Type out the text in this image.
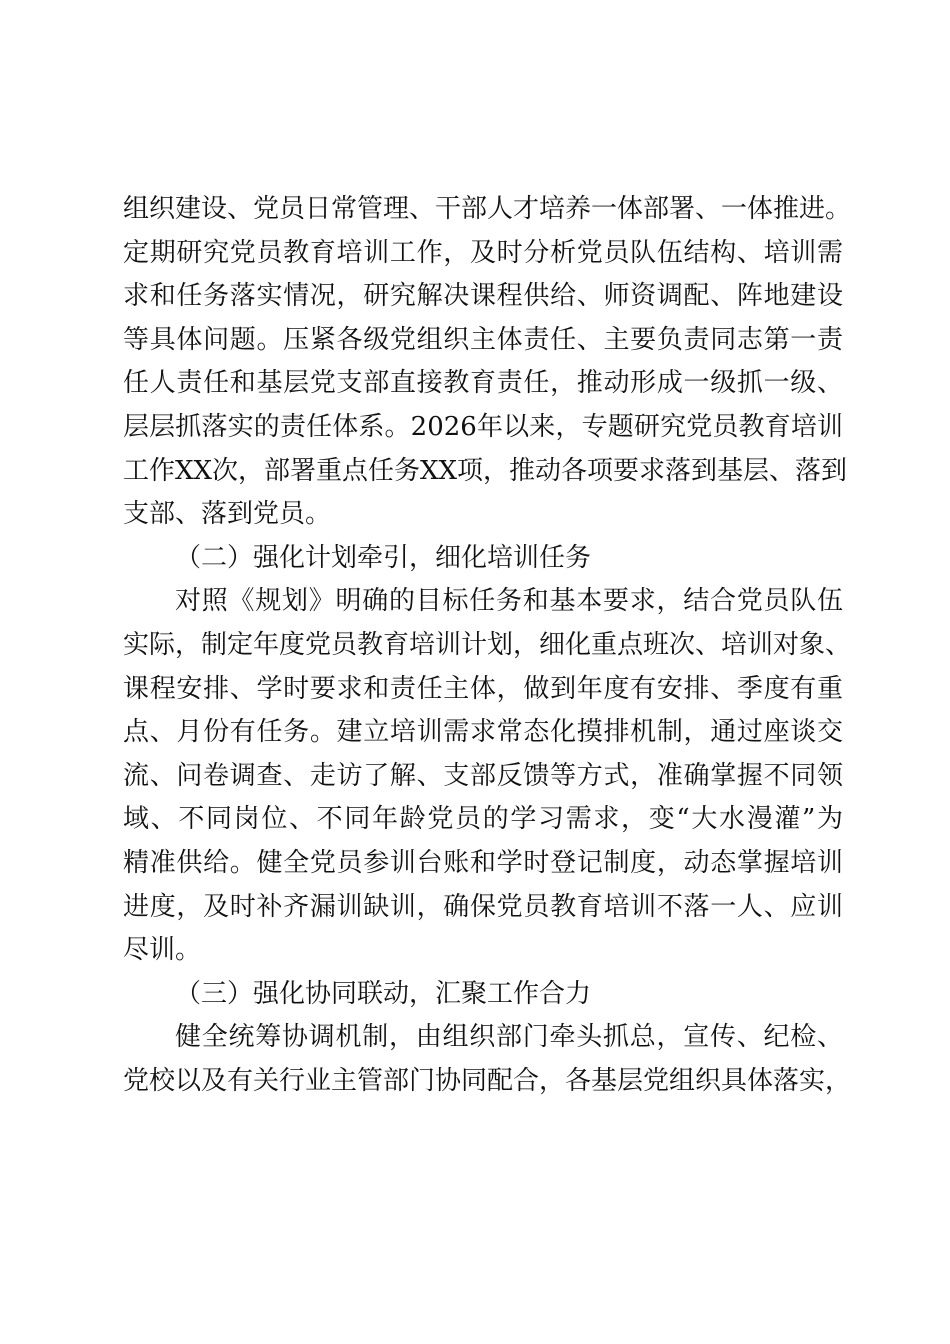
组织建设、党员日常管理、干部人才培养一体部署、一体推进。
定期研究党员教育培训工作，及时分析党员队伍结构、培训需
求和任务落实情况，研究解决课程供给、师资调配、阵地建设
等具体问题。压紧各级党组织主体责任、主要负责同志第一责
任人责任和基层党支部直接教育责任，推动形成一级抓一级、
层层抓落实的责任体系。2026年以来，专题研究党员教育培训
工作XX次，部署重点任务XX项，推动各项要求落到基层、落到
支部、落到党员。
（二）强化计划牵引，细化培训任务
对照《规划》明确的目标任务和基本要求，结合党员队伍
实际，制定年度党员教育培训计划，细化重点班次、培训对象、
课程安排、学时要求和责任主体，做到年度有安排、季度有重
点、月份有任务。建立培训需求常态化摸排机制，通过座谈交
流、问卷调查、走访了解、支部反馈等方式，准确掌握不同领
域、不同岗位、不同年龄党员的学习需求，变“大水漫灌”为
精准供给。健全党员参训台账和学时登记制度，动态掌握培训
进度，及时补齐漏训缺训，确保党员教育培训不落一人、应训
尽训。
（三）强化协同联动，汇聚工作合力
健全统筹协调机制，由组织部门牵头抓总，宣传、纪检、
党校以及有关行业主管部门协同配合，各基层党组织具体落实，
